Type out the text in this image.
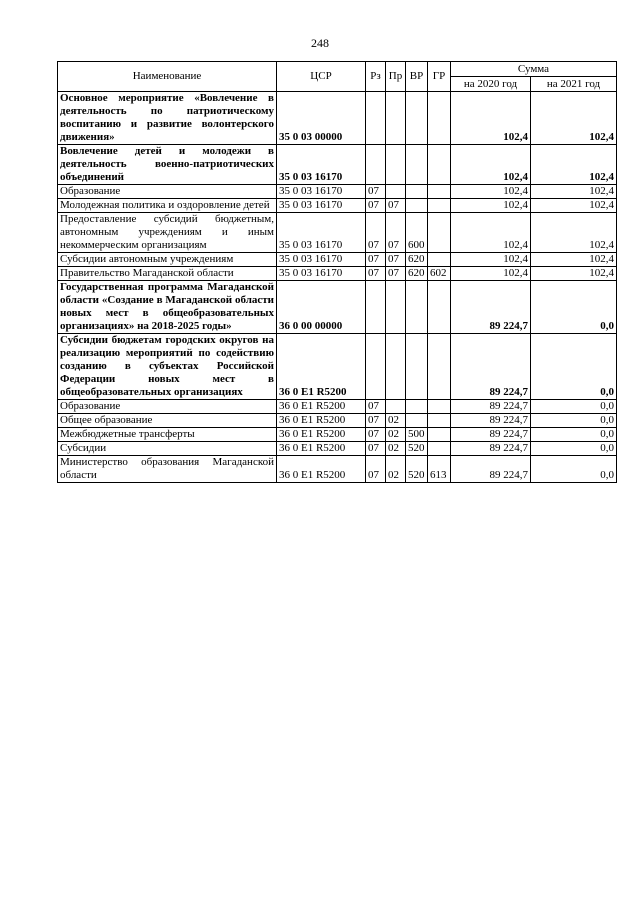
248
Наименование	ЦСР	Рз	Пр	ВР	ГР	Сумма	
						на 2020 год	на 2021 год
Основное мероприятие «Вовлечение в деятельность по патриотическому воспитанию и развитие волонтерского движения»	35 0 03 00000					102,4	102,4
Вовлечение детей и молодежи в деятельность военно-патриотических объединений	35 0 03 16170					102,4	102,4
Образование	35 0 03 16170	07				102,4	102,4
Молодежная политика и оздоровление детей	35 0 03 16170	07	07			102,4	102,4
Предоставление субсидий бюджетным, автономным учреждениям и иным некоммерческим организациям	35 0 03 16170	07	07	600		102,4	102,4
Субсидии автономным учреждениям	35 0 03 16170	07	07	620		102,4	102,4
Правительство Магаданской области	35 0 03 16170	07	07	620	602	102,4	102,4
Государственная программа Магаданской области «Создание в Магаданской области новых мест в общеобразовательных организациях» на 2018-2025 годы»	36 0 00 00000					89 224,7	0,0
Субсидии бюджетам городских округов на реализацию мероприятий по содействию созданию в субъектах Российской Федерации новых мест в общеобразовательных организациях	36 0 E1 R5200					89 224,7	0,0
Образование	36 0 E1 R5200	07				89 224,7	0,0
Общее образование	36 0 E1 R5200	07	02			89 224,7	0,0
Межбюджетные трансферты	36 0 E1 R5200	07	02	500		89 224,7	0,0
Субсидии	36 0 E1 R5200	07	02	520		89 224,7	0,0
Министерство образования Магаданской области	36 0 E1 R5200	07	02	520	613	89 224,7	0,0
